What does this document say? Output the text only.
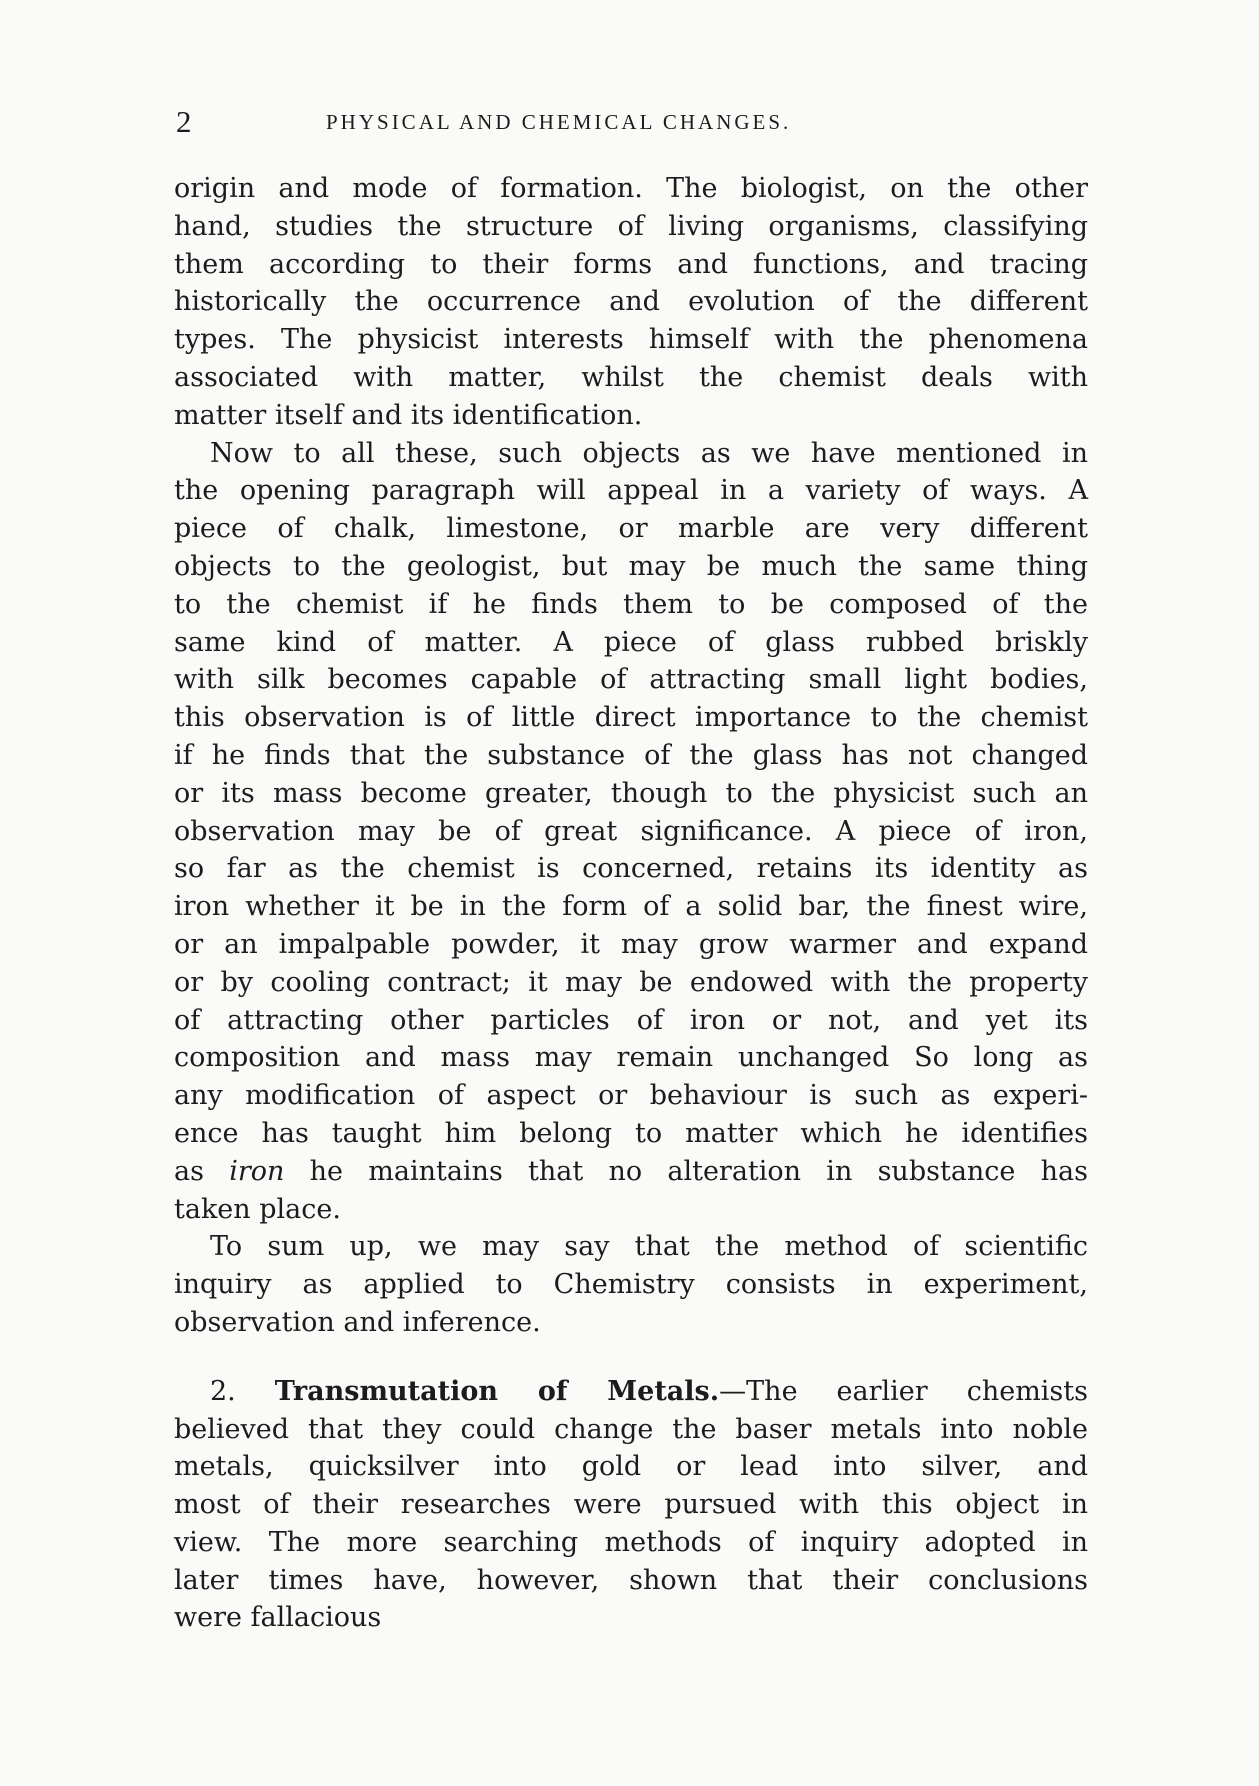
2	PHYSICAL AND CHEMICAL CHANGES.
origin and mode of formation. The biologist, on the other
hand, studies the structure of living organisms, classifying
them according to their forms and functions, and tracing
historically the occurrence and evolution of the different
types. The physicist interests himself with the phenomena
associated with matter, whilst the chemist deals with
matter itself and its identification.
Now to all these, such objects as we have mentioned in
the opening paragraph will appeal in a variety of ways. A
piece of chalk, limestone, or marble are very different
objects to the geologist, but may be much the same thing
to the chemist if he finds them to be composed of the
same kind of matter. A piece of glass rubbed briskly
with silk becomes capable of attracting small light bodies,
this observation is of little direct importance to the chemist
if he finds that the substance of the glass has not changed
or its mass become greater, though to the physicist such an
observation may be of great significance. A piece of iron,
so far as the chemist is concerned, retains its identity as
iron whether it be in the form of a solid bar, the finest wire,
or an impalpable powder, it may grow warmer and expand
or by cooling contract; it may be endowed with the property
of attracting other particles of iron or not, and yet its
composition and mass may remain unchanged So long as
any modification of aspect or behaviour is such as experi-
ence has taught him belong to matter which he identifies
as iron he maintains that no alteration in substance has
taken place.
To sum up, we may say that the method of scientific
inquiry as applied to Chemistry consists in experiment,
observation and inference.
2. Transmutation of Metals.—The earlier chemists
believed that they could change the baser metals into noble
metals, quicksilver into gold or lead into silver, and
most of their researches were pursued with this object in
view. The more searching methods of inquiry adopted in
later times have, however, shown that their conclusions
were fallacious
